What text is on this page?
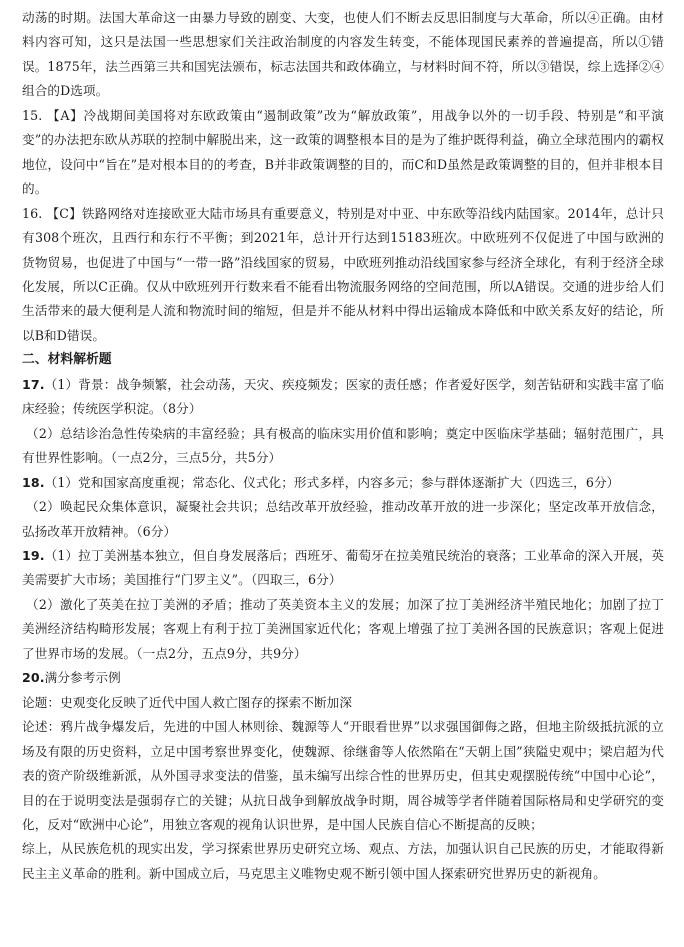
动荡的时期。法国大革命这一由暴力导致的剧变、大变，也使人们不断去反思旧制度与大革命，所以④正确。由材料内容可知，这只是法国一些思想家们关注政治制度的内容发生转变，不能体现国民素养的普遍提高，所以①错误。1875年，法兰西第三共和国宪法颁布，标志法国共和政体确立，与材料时间不符，所以③错误，综上选择②④组合的D选项。

15. 【A】冷战期间美国将对东欧政策由“遏制政策”改为“解放政策”，用战争以外的一切手段、特别是“和平演变”的办法把东欧从苏联的控制中解脱出来，这一政策的调整根本目的是为了维护既得利益，确立全球范围内的霸权地位，设问中“旨在”是对根本目的的考查，B并非政策调整的目的，而C和D虽然是政策调整的目的，但并非根本目的。

16. 【C】铁路网络对连接欧亚大陆市场具有重要意义，特别是对中亚、中东欧等沿线内陆国家。2014年，总计只有308个班次，且西行和东行不平衡；到2021年，总计开行达到15183班次。中欧班列不仅促进了中国与欧洲的货物贸易，也促进了中国与“一带一路”沿线国家的贸易，中欧班列推动沿线国家参与经济全球化，有利于经济全球化发展，所以C正确。仅从中欧班列开行数来看不能看出物流服务网络的空间范围，所以A错误。交通的进步给人们生活带来的最大便利是人流和物流时间的缩短，但是并不能从材料中得出运输成本降低和中欧关系友好的结论，所以B和D错误。

二、材料解析题

17.（1）背景：战争频繁，社会动荡，天灾、疾疫频发；医家的责任感；作者爱好医学，刻苦钻研和实践丰富了临床经验；传统医学积淀。（8分）

（2）总结诊治急性传染病的丰富经验；具有极高的临床实用价值和影响；奠定中医临床学基础；辐射范围广，具有世界性影响。（一点2分，三点5分，共5分）

18.（1）党和国家高度重视；常态化、仪式化；形式多样，内容多元；参与群体逐渐扩大（四选三，6分）

（2）唤起民众集体意识，凝聚社会共识；总结改革开放经验，推动改革开放的进一步深化；坚定改革开放信念，弘扬改革开放精神。（6分）

19.（1）拉丁美洲基本独立，但自身发展落后；西班牙、葡萄牙在拉美殖民统治的衰落；工业革命的深入开展，英美需要扩大市场；美国推行“门罗主义”。（四取三，6分）

（2）激化了英美在拉丁美洲的矛盾；推动了英美资本主义的发展；加深了拉丁美洲经济半殖民地化；加剧了拉丁美洲经济结构畸形发展；客观上有利于拉丁美洲国家近代化；客观上增强了拉丁美洲各国的民族意识；客观上促进了世界市场的发展。（一点2分，五点9分，共9分）

20.满分参考示例

论题：史观变化反映了近代中国人救亡图存的探索不断加深

论述：鸦片战争爆发后，先进的中国人林则徐、魏源等人“开眼看世界”以求强国御侮之路，但地主阶级抵抗派的立场及有限的历史资料，立足中国考察世界变化，使魏源、徐继畬等人依然陷在“天朝上国”狭隘史观中；梁启超为代表的资产阶级维新派，从外国寻求变法的借鉴，虽未编写出综合性的世界历史，但其史观摆脱传统“中国中心论”，目的在于说明变法是强弱存亡的关键；从抗日战争到解放战争时期，周谷城等学者伴随着国际格局和史学研究的变化，反对“欧洲中心论”，用独立客观的视角认识世界，是中国人民族自信心不断提高的反映；

综上，从民族危机的现实出发，学习探索世界历史研究立场、观点、方法，加强认识自己民族的历史，才能取得新民主主义革命的胜利。新中国成立后，马克思主义唯物史观不断引领中国人探索研究世界历史的新视角。
